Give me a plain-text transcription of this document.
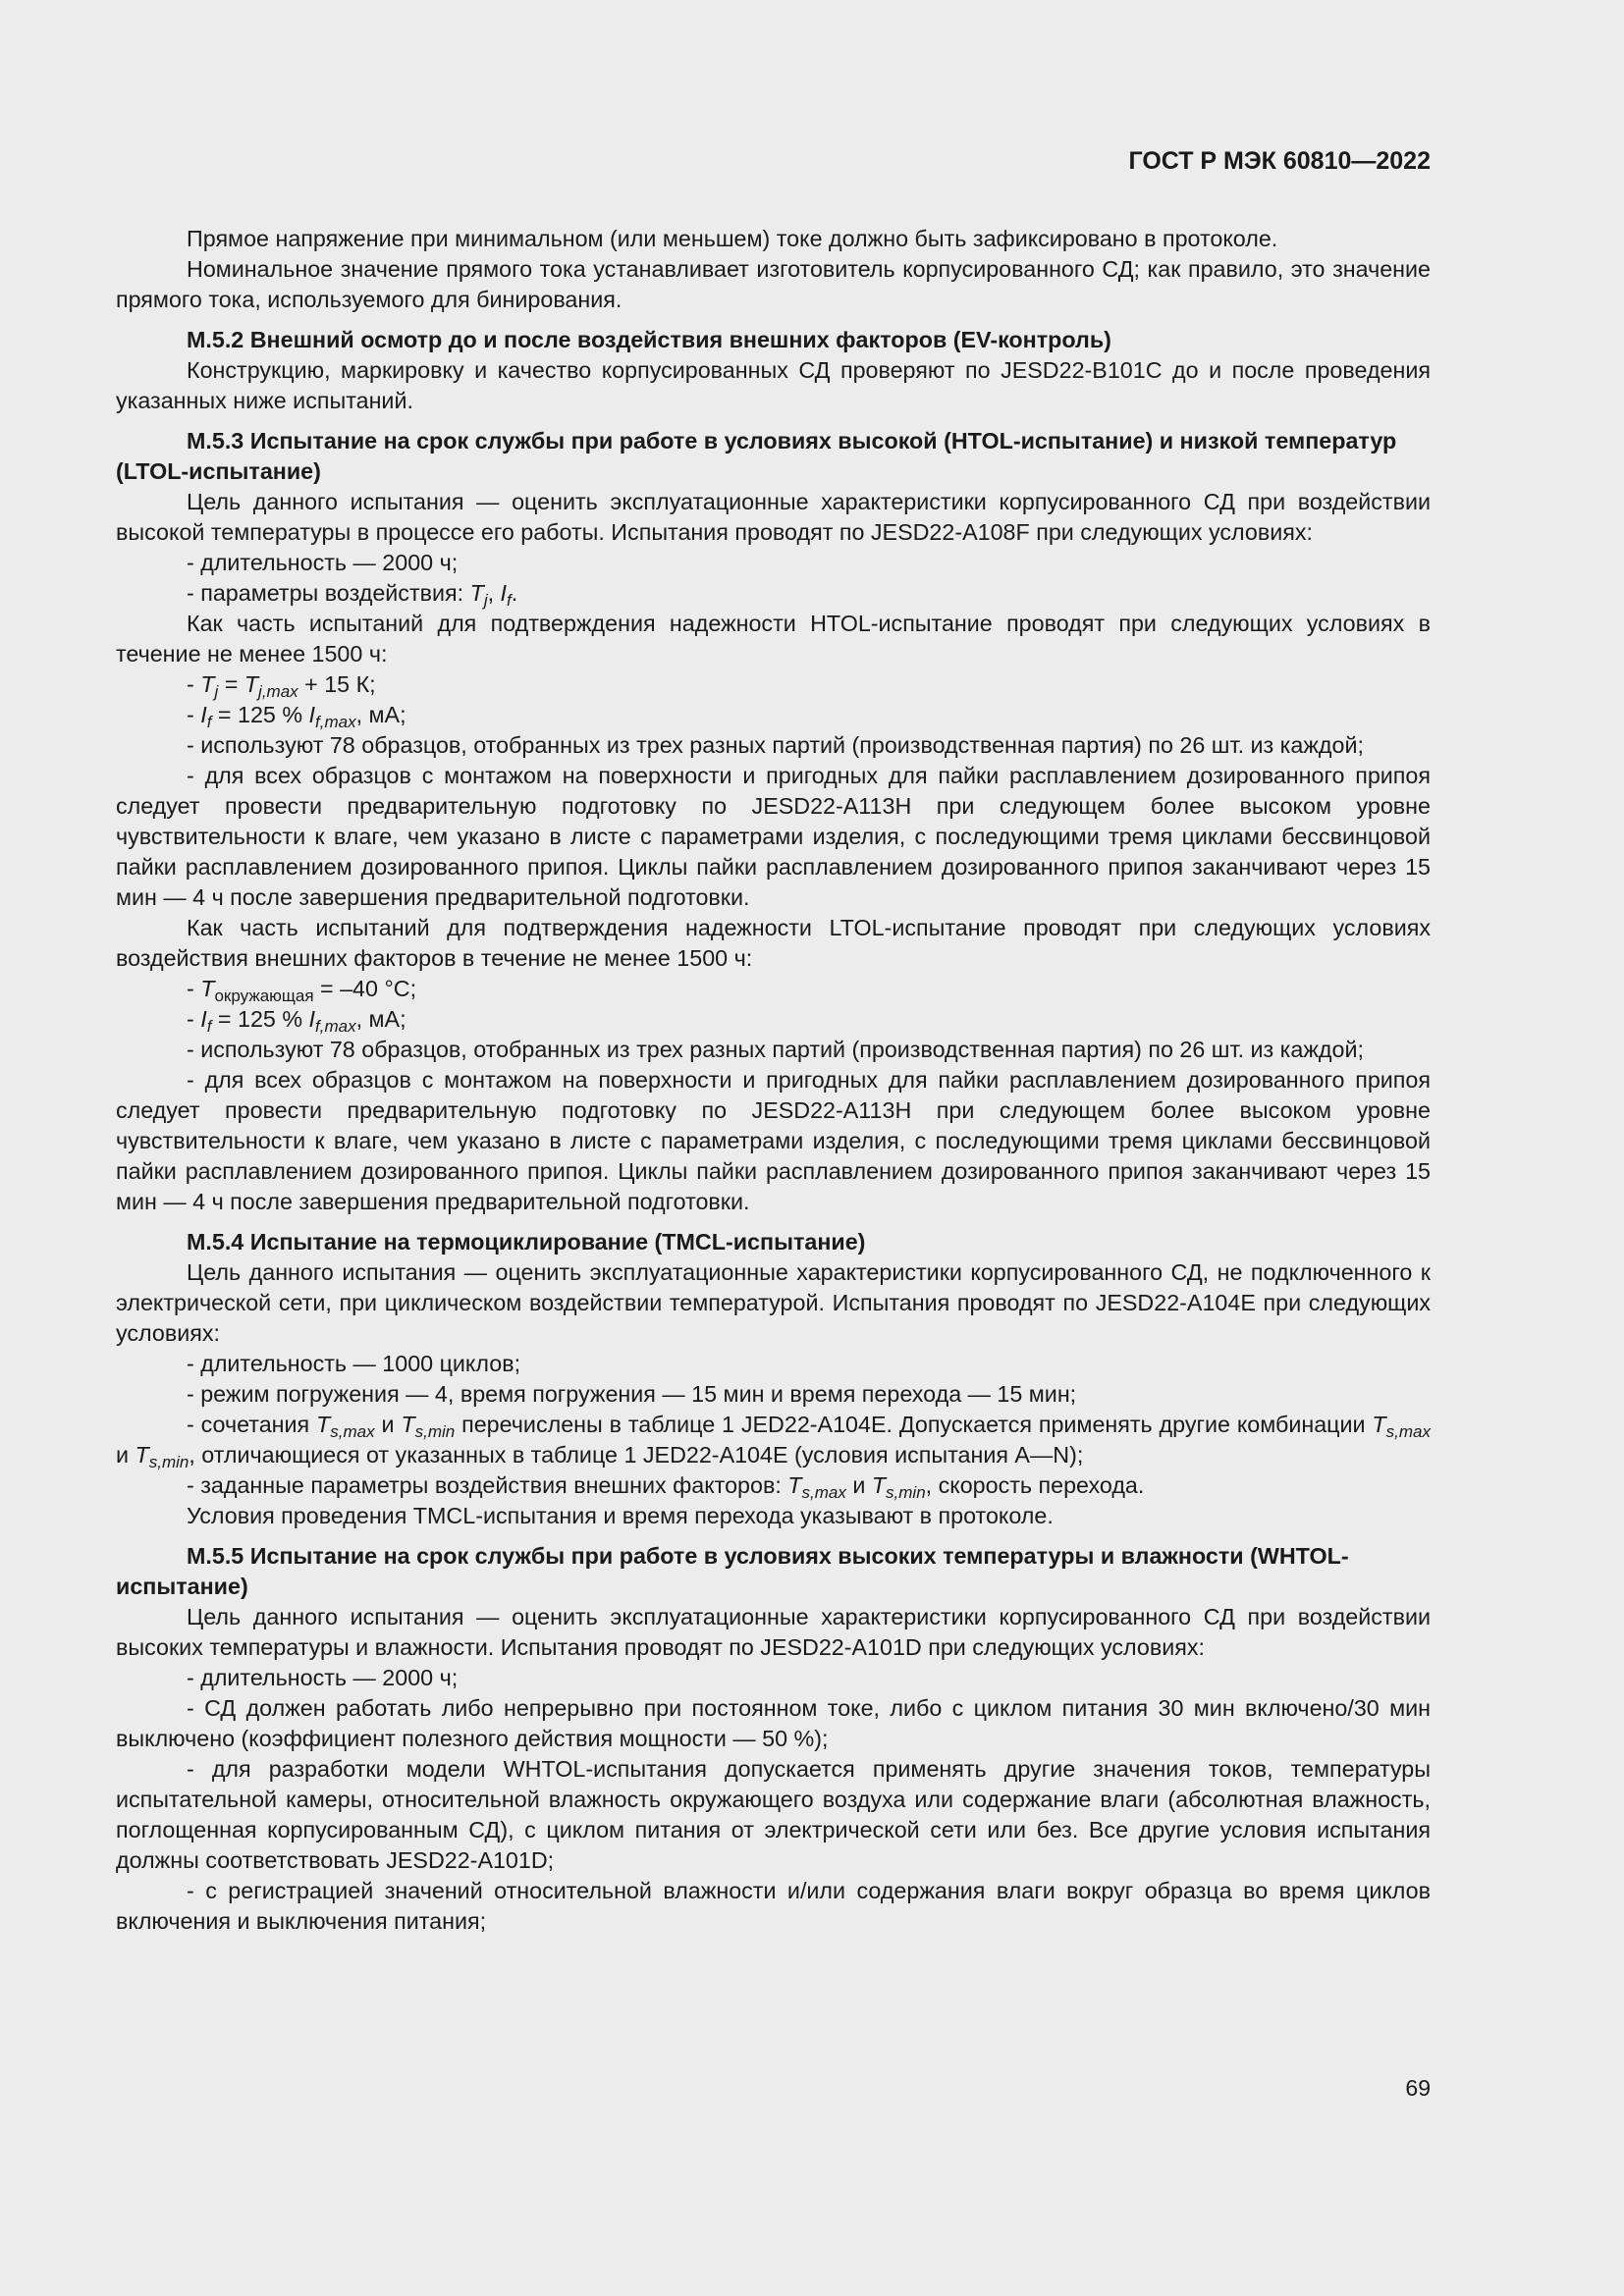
ГОСТ Р МЭК 60810—2022

Прямое напряжение при минимальном (или меньшем) токе должно быть зафиксировано в протоколе.

Номинальное значение прямого тока устанавливает изготовитель корпусированного СД; как правило, это значение прямого тока, используемого для бинирования.

М.5.2 Внешний осмотр до и после воздействия внешних факторов (EV-контроль)

Конструкцию, маркировку и качество корпусированных СД проверяют по JESD22-B101C до и после проведения указанных ниже испытаний.

М.5.3 Испытание на срок службы при работе в условиях высокой (HTOL-испытание) и низкой температур (LTOL-испытание)

Цель данного испытания — оценить эксплуатационные характеристики корпусированного СД при воздействии высокой температуры в процессе его работы. Испытания проводят по JESD22-A108F при следующих условиях:

- длительность — 2000 ч;

- параметры воздействия: $T_j$, $I_f$.

Как часть испытаний для подтверждения надежности HTOL-испытание проводят при следующих условиях в течение не менее 1500 ч:

- $T_j = T_{j,max} + 15$ К;

- $I_f = 125$ % $I_{f,max}$, мА;

- используют 78 образцов, отобранных из трех разных партий (производственная партия) по 26 шт. из каждой;

- для всех образцов с монтажом на поверхности и пригодных для пайки расплавлением дозированного припоя следует провести предварительную подготовку по JESD22-A113H при следующем более высоком уровне чувствительности к влаге, чем указано в листе с параметрами изделия, с последующими тремя циклами бессвинцовой пайки расплавлением дозированного припоя. Циклы пайки расплавлением дозированного припоя заканчивают через 15 мин — 4 ч после завершения предварительной подготовки.

Как часть испытаний для подтверждения надежности LTOL-испытание проводят при следующих условиях воздействия внешних факторов в течение не менее 1500 ч:

- $T_{окружающая} = -40$ °C;

- $I_f = 125$ % $I_{f,max}$, мА;

- используют 78 образцов, отобранных из трех разных партий (производственная партия) по 26 шт. из каждой;

- для всех образцов с монтажом на поверхности и пригодных для пайки расплавлением дозированного припоя следует провести предварительную подготовку по JESD22-A113H при следующем более высоком уровне чувствительности к влаге, чем указано в листе с параметрами изделия, с последующими тремя циклами бессвинцовой пайки расплавлением дозированного припоя. Циклы пайки расплавлением дозированного припоя заканчивают через 15 мин — 4 ч после завершения предварительной подготовки.

М.5.4 Испытание на термоциклирование (TMCL-испытание)

Цель данного испытания — оценить эксплуатационные характеристики корпусированного СД, не подключенного к электрической сети, при циклическом воздействии температурой. Испытания проводят по JESD22-A104E при следующих условиях:

- длительность — 1000 циклов;

- режим погружения — 4, время погружения — 15 мин и время перехода — 15 мин;

- сочетания $T_{s,max}$ и $T_{s,min}$ перечислены в таблице 1 JED22-A104E. Допускается применять другие комбинации $T_{s,max}$ и $T_{s,min}$, отличающиеся от указанных в таблице 1 JED22-A104E (условия испытания А—N);

- заданные параметры воздействия внешних факторов: $T_{s,max}$ и $T_{s,min}$, скорость перехода.

Условия проведения TMCL-испытания и время перехода указывают в протоколе.

М.5.5 Испытание на срок службы при работе в условиях высоких температуры и влажности (WHTOL-испытание)

Цель данного испытания — оценить эксплуатационные характеристики корпусированного СД при воздействии высоких температуры и влажности. Испытания проводят по JESD22-A101D при следующих условиях:

- длительность — 2000 ч;

- СД должен работать либо непрерывно при постоянном токе, либо с циклом питания 30 мин включено/30 мин выключено (коэффициент полезного действия мощности — 50 %);

- для разработки модели WHTOL-испытания допускается применять другие значения токов, температуры испытательной камеры, относительной влажность окружающего воздуха или содержание влаги (абсолютная влажность, поглощенная корпусированным СД), с циклом питания от электрической сети или без. Все другие условия испытания должны соответствовать JESD22-A101D;

- с регистрацией значений относительной влажности и/или содержания влаги вокруг образца во время циклов включения и выключения питания;

69
